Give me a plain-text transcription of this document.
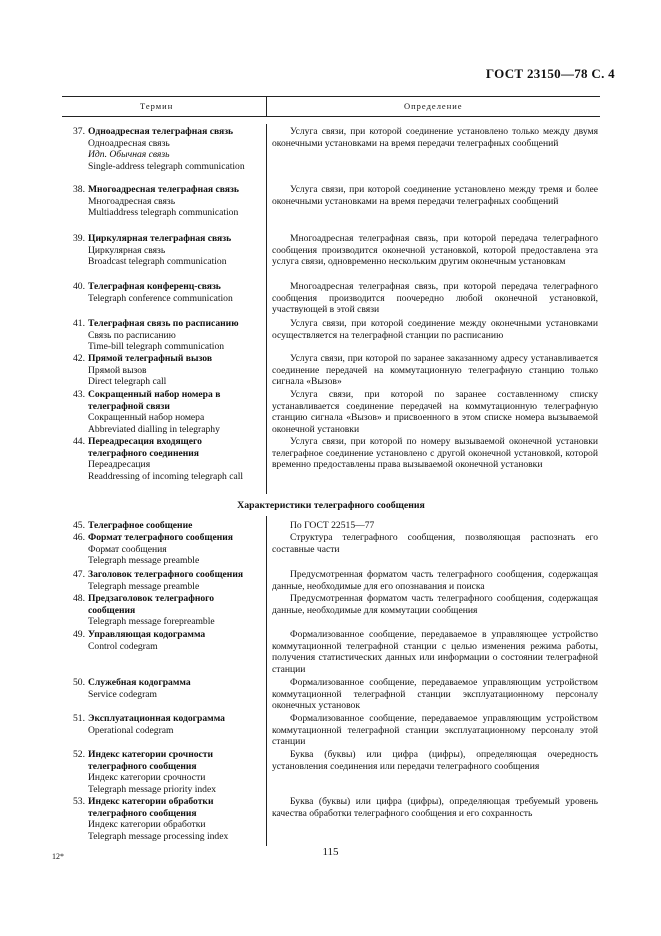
ГОСТ 23150—78 С. 4
Термин	Определение
Характеристики телеграфного сообщения
37. Одноадресная телеграфная связь
Одноадресная связь
Идп. Обычная связь
Single-address telegraph communication

Услуга связи, при которой соединение установлено только между двумя оконечными установками на время передачи телеграфных сообщений

38. Многоадресная телеграфная связь
Многоадресная связь
Multiaddress telegraph communication

Услуга связи, при которой соединение установлено между тремя и более оконечными установками на время передачи телеграфных сообщений

39. Циркулярная телеграфная связь
Циркулярная связь
Broadcast telegraph communication

Многоадресная телеграфная связь, при которой передача телеграфного сообщения производится оконечной установкой, которой предоставлена эта услуга связи, одновременно нескольким другим оконечным установкам

40. Телеграфная конференц-связь
Telegraph conference communication

Многоадресная телеграфная связь, при которой передача телеграфного сообщения производится поочередно любой оконечной установкой, участвующей в этой связи

41. Телеграфная связь по расписанию
Связь по расписанию
Time-bill telegraph communication

Услуга связи, при которой соединение между оконечными установками осуществляется на телеграфной станции по расписанию

42. Прямой телеграфный вызов
Прямой вызов
Direct telegraph call

Услуга связи, при которой по заранее заказанному адресу устанавливается соединение передачей на коммутационную телеграфную станцию только сигнала «Вызов»

43. Сокращенный набор номера в телеграфной связи
Сокращенный набор номера
Abbreviated dialling in telegraphy

Услуга связи, при которой по заранее составленному списку устанавливается соединение передачей на коммутационную телеграфную станцию сигнала «Вызов» и присвоенного в этом списке номера вызываемой оконечной установки

44. Переадресация входящего телеграфного соединения
Переадресация
Readdressing of incoming telegraph call

Услуга связи, при которой по номеру вызываемой оконечной установки телеграфное соединение установлено с другой оконечной установкой, которой временно предоставлены права вызываемой оконечной установки

45. Телеграфное сообщение	По ГОСТ 22515—77

46. Формат телеграфного сообщения
Формат сообщения
Telegraph message preamble

Структура телеграфного сообщения, позволяющая распознать его составные части

47. Заголовок телеграфного сообщения
Telegraph message preamble

Предусмотренная форматом часть телеграфного сообщения, содержащая данные, необходимые для его опознавания и поиска

48. Предзаголовок телеграфного сообщения
Telegraph message forepreamble

Предусмотренная форматом часть телеграфного сообщения, содержащая данные, необходимые для коммутации сообщения

49. Управляющая кодограмма
Control codegram

Формализованное сообщение, передаваемое в управляющее устройство коммутационной телеграфной станции с целью изменения режима работы, получения статистических данных или информации о состоянии телеграфной станции

50. Служебная кодограмма
Service codegram

Формализованное сообщение, передаваемое управляющим устройством коммутационной телеграфной станции эксплуатационному персоналу оконечных установок

51. Эксплуатационная кодограмма
Operational codegram

Формализованное сообщение, передаваемое управляющим устройством коммутационной телеграфной станции эксплуатационному персоналу этой станции

52. Индекс категории срочности телеграфного сообщения
Индекс категории срочности
Telegraph message priority index

Буква (буквы) или цифра (цифры), определяющая очередность установления соединения или передачи телеграфного сообщения

53. Индекс категории обработки телеграфного сообщения
Индекс категории обработки
Telegraph message processing index

Буква (буквы) или цифра (цифры), определяющая требуемый уровень качества обработки телеграфного сообщения и его сохранность

115
12*
